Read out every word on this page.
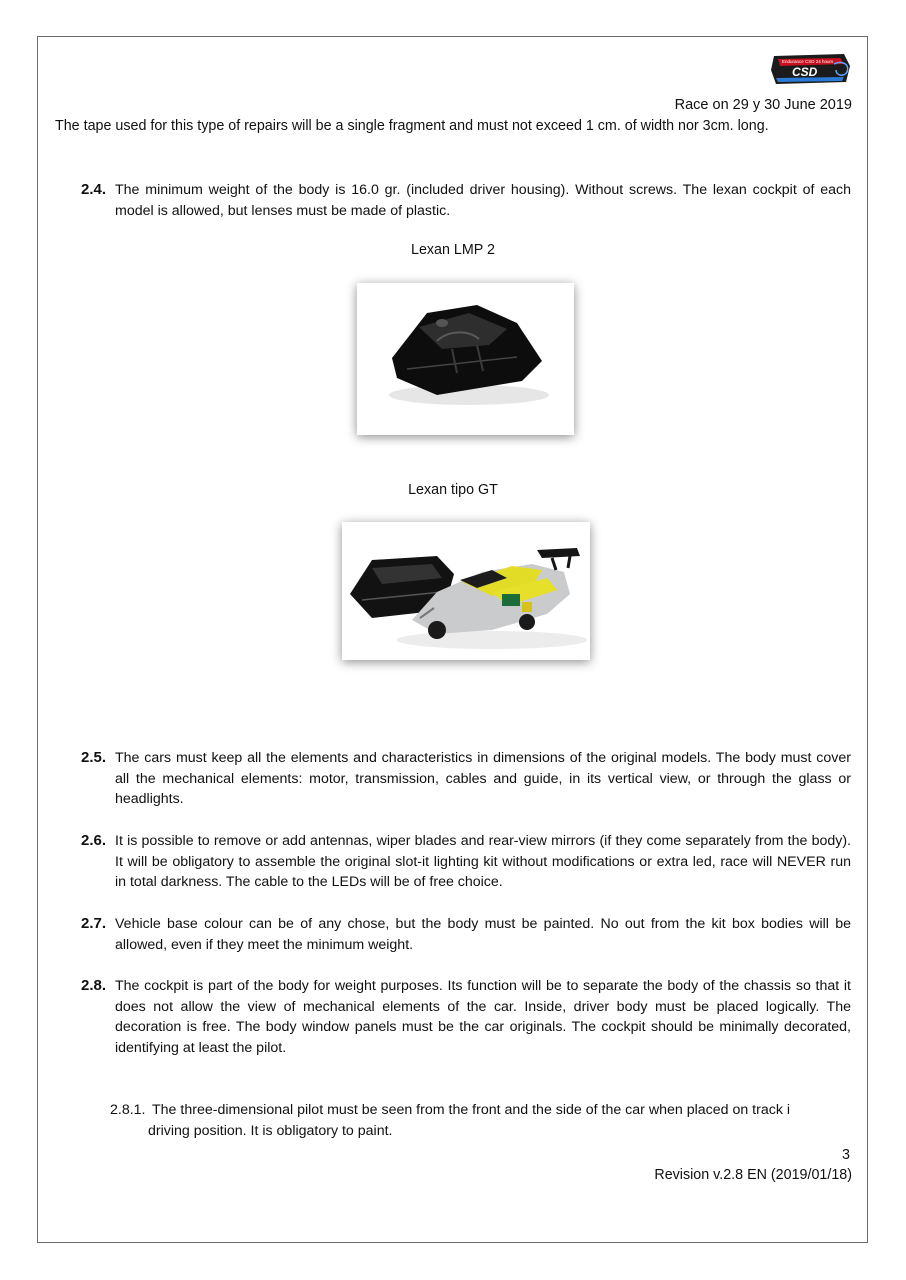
Endurance CSD 24 hours
CSD
Race on 29 y 30 June 2019
The tape used for this type of repairs will be a single fragment and must not exceed 1 cm. of width nor 3cm. long.
2.4. The minimum weight of the body is 16.0 gr. (included driver housing). Without screws. The lexan cockpit of each model is allowed, but lenses must be made of plastic.
Lexan LMP 2
Lexan tipo GT
2.5. The cars must keep all the elements and characteristics in dimensions of the original models. The body must cover all the mechanical elements: motor, transmission, cables and guide, in its vertical view, or through the glass or headlights.
2.6. It is possible to remove or add antennas, wiper blades and rear-view mirrors (if they come separately from the body). It will be obligatory to assemble the original slot-it lighting kit without modifications or extra led, race will NEVER run in total darkness. The cable to the LEDs will be of free choice.
2.7. Vehicle base colour can be of any chose, but the body must be painted. No out from the kit box bodies will be allowed, even if they meet the minimum weight.
2.8. The cockpit is part of the body for weight purposes. Its function will be to separate the body of the chassis so that it does not allow the view of mechanical elements of the car. Inside, driver body must be placed logically. The decoration is free. The body window panels must be the car originals. The cockpit should be minimally decorated, identifying at least the pilot.
2.8.1. The three-dimensional pilot must be seen from the front and the side of the car when placed on track i
driving position. It is obligatory to paint.
3
Revision v.2.8 EN (2019/01/18)
